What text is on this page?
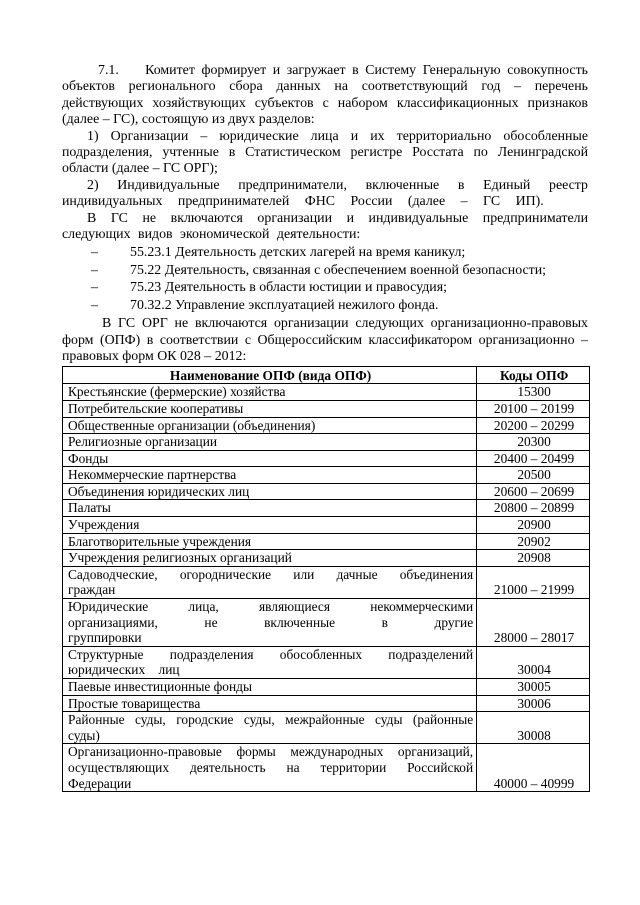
7.1. Комитет формирует и загружает в Систему Генеральную совокупность объектов регионального сбора данных на соответствующий год – перечень действующих хозяйствующих субъектов с набором классификационных признаков (далее – ГС), состоящую из двух разделов:

1) Организации – юридические лица и их территориально обособленные подразделения, учтенные в Статистическом регистре Росстата по Ленинградской области (далее – ГС ОРГ);

2) Индивидуальные предприниматели, включенные в Единый реестр индивидуальных предпринимателей ФНС России (далее – ГС ИП).

В ГС не включаются организации и индивидуальные предприниматели следующих видов экономической деятельности:

–	55.23.1 Деятельность детских лагерей на время каникул;
–	75.22 Деятельность, связанная с обеспечением военной безопасности;
–	75.23 Деятельность в области юстиции и правосудия;
–	70.32.2 Управление эксплуатацией нежилого фонда.

В ГС ОРГ не включаются организации следующих организационно-правовых форм (ОПФ) в соответствии с Общероссийским классификатором организационно – правовых форм ОК 028 – 2012:

Наименование ОПФ (вида ОПФ)	Коды ОПФ
Крестьянские (фермерские) хозяйства	15300
Потребительские кооперативы	20100 – 20199
Общественные организации (объединения)	20200 – 20299
Религиозные организации	20300
Фонды	20400 – 20499
Некоммерческие партнерства	20500
Объединения юридических лиц	20600 – 20699
Палаты	20800 – 20899
Учреждения	20900
Благотворительные учреждения	20902
Учреждения религиозных организаций	20908
Садоводческие, огороднические или дачные объединения граждан	21000 – 21999
Юридические лица, являющиеся некоммерческими организациями, не включенные в другие группировки	28000 – 28017
Структурные подразделения обособленных подразделений юридических лиц	30004
Паевые инвестиционные фонды	30005
Простые товарищества	30006
Районные суды, городские суды, межрайонные суды (районные суды)	30008
Организационно-правовые формы международных организаций, осуществляющих деятельность на территории Российской Федерации	40000 – 40999
